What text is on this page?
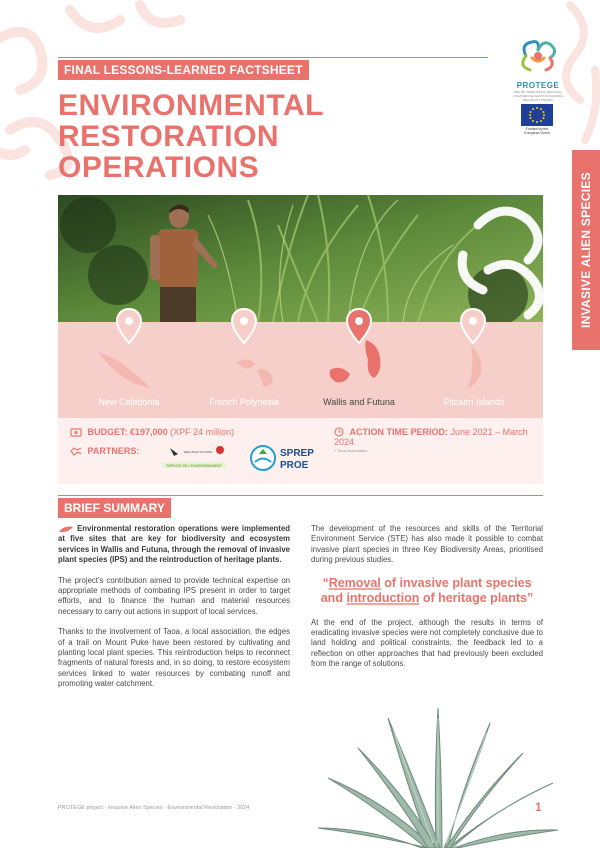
INVASIVE ALIEN SPECIES
FINAL LESSONS-LEARNED FACTSHEET
ENVIRONMENTAL
RESTORATION
OPERATIONS
PROTEGE
PROJET TERRITORIAL REGIONAL OCEANIEN DE GESTION DURABLE DES ECOSYSTEMES
Funded by the European Union
New Caledonia	French Polynesia	Wallis and Futuna	Pitcairn Islands
BUDGET: €197,000 (XPF 24 million)	ACTION TIME PERIOD: June 2021 – March 2024
PARTNERS:
SERVICE DE L'ENVIRONNEMENT
WALLIS ET FUTUNA	SPREP
PROE
+ Taoa Association
BRIEF SUMMARY

Environmental restoration operations were implemented at five sites that are key for biodiversity and ecosystem services in Wallis and Futuna, through the removal of invasive plant species (IPS) and the reintroduction of heritage plants.

The project's contribution aimed to provide technical expertise on appropriate methods of combating IPS present in order to target efforts, and to finance the human and material resources necessary to carry out actions in support of local services.

Thanks to the involvement of Taoa, a local association, the edges of a trail on Mount Puke have been restored by cultivating and planting local plant species. This reintroduction helps to reconnect fragments of natural forests and, in so doing, to restore ecosystem services linked to water resources by combating runoff and promoting water catchment.

The development of the resources and skills of the Territorial Environment Service (STE) has also made it possible to combat invasive plant species in three Key Biodiversity Areas, prioritised during previous studies.

“Removal of invasive plant species and introduction of heritage plants”

At the end of the project, although the results in terms of eradicating invasive species were not completely conclusive due to land holding and political constraints, the feedback led to a reflection on other approaches that had previously been excluded from the range of solutions.

PROTEGE project · Invasive Alien Species · Environmental Restoration · 2024	1
